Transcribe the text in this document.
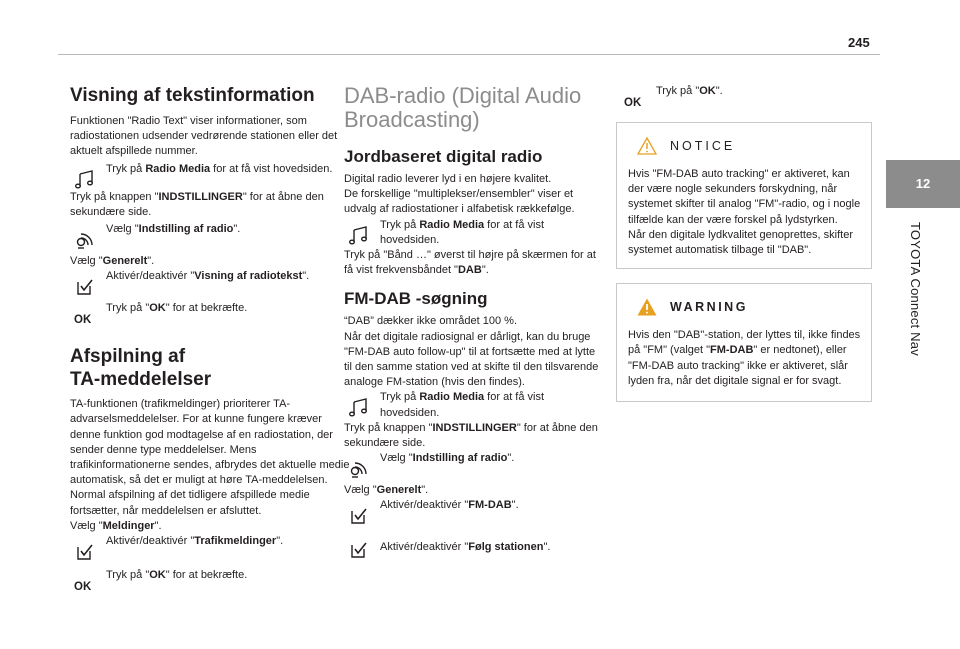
245
12
TOYOTA Connect Nav
Visning af tekstinformation

Funktionen "Radio Text" viser informationer, som radiostationen udsender vedrørende stationen eller det aktuelt afspillede nummer.

Tryk på Radio Media for at få vist hovedsiden.

Tryk på knappen "INDSTILLINGER" for at åbne den sekundære side.

Vælg "Indstilling af radio".

Vælg "Generelt".

Aktivér/deaktivér "Visning af radiotekst".

OK

Tryk på "OK" for at bekræfte.

Afspilning af
TA-meddelelser

TA-funktionen (trafikmeldinger) prioriterer TA-advarselsmeddelelser. For at kunne fungere kræver denne funktion god modtagelse af en radiostation, der sender denne type meddelelser. Mens trafikinformationerne sendes, afbrydes det aktuelle medie automatisk, så det er muligt at høre TA-meddelelsen. Normal afspilning af det tidligere afspillede medie fortsætter, når meddelelsen er afsluttet.

Vælg "Meldinger".

Aktivér/deaktivér "Trafikmeldinger".

OK

Tryk på "OK" for at bekræfte.

DAB-radio (Digital Audio
Broadcasting)
Jordbaseret digital radio

Digital radio leverer lyd i en højere kvalitet.

De forskellige "multiplekser/ensembler" viser et udvalg af radiostationer i alfabetisk rækkefølge.

Tryk på Radio Media for at få vist hovedsiden.

Tryk på "Bånd …" øverst til højre på skærmen for at få vist frekvensbåndet "DAB".

FM-DAB -søgning

“DAB” dækker ikke området 100 %.

Når det digitale radiosignal er dårligt, kan du bruge "FM-DAB auto follow-up" til at fortsætte med at lytte til den samme station ved at skifte til den tilsvarende analoge FM-station (hvis den findes).

Tryk på Radio Media for at få vist hovedsiden.

Tryk på knappen "INDSTILLINGER" for at åbne den sekundære side.

Vælg "Indstilling af radio".

Vælg "Generelt".

Aktivér/deaktivér "FM-DAB".

Aktivér/deaktivér "Følg stationen".

OK

Tryk på "OK".

NOTICE

Hvis "FM-DAB auto tracking" er aktiveret, kan der være nogle sekunders forskydning, når systemet skifter til analog "FM"-radio, og i nogle tilfælde kan der være forskel på lydstyrken.

Når den digitale lydkvalitet genoprettes, skifter systemet automatisk tilbage til "DAB".

WARNING

Hvis den "DAB"-station, der lyttes til, ikke findes på "FM" (valget "FM-DAB" er nedtonet), eller "FM-DAB auto tracking" ikke er aktiveret, slår lyden fra, når det digitale signal er for svagt.
